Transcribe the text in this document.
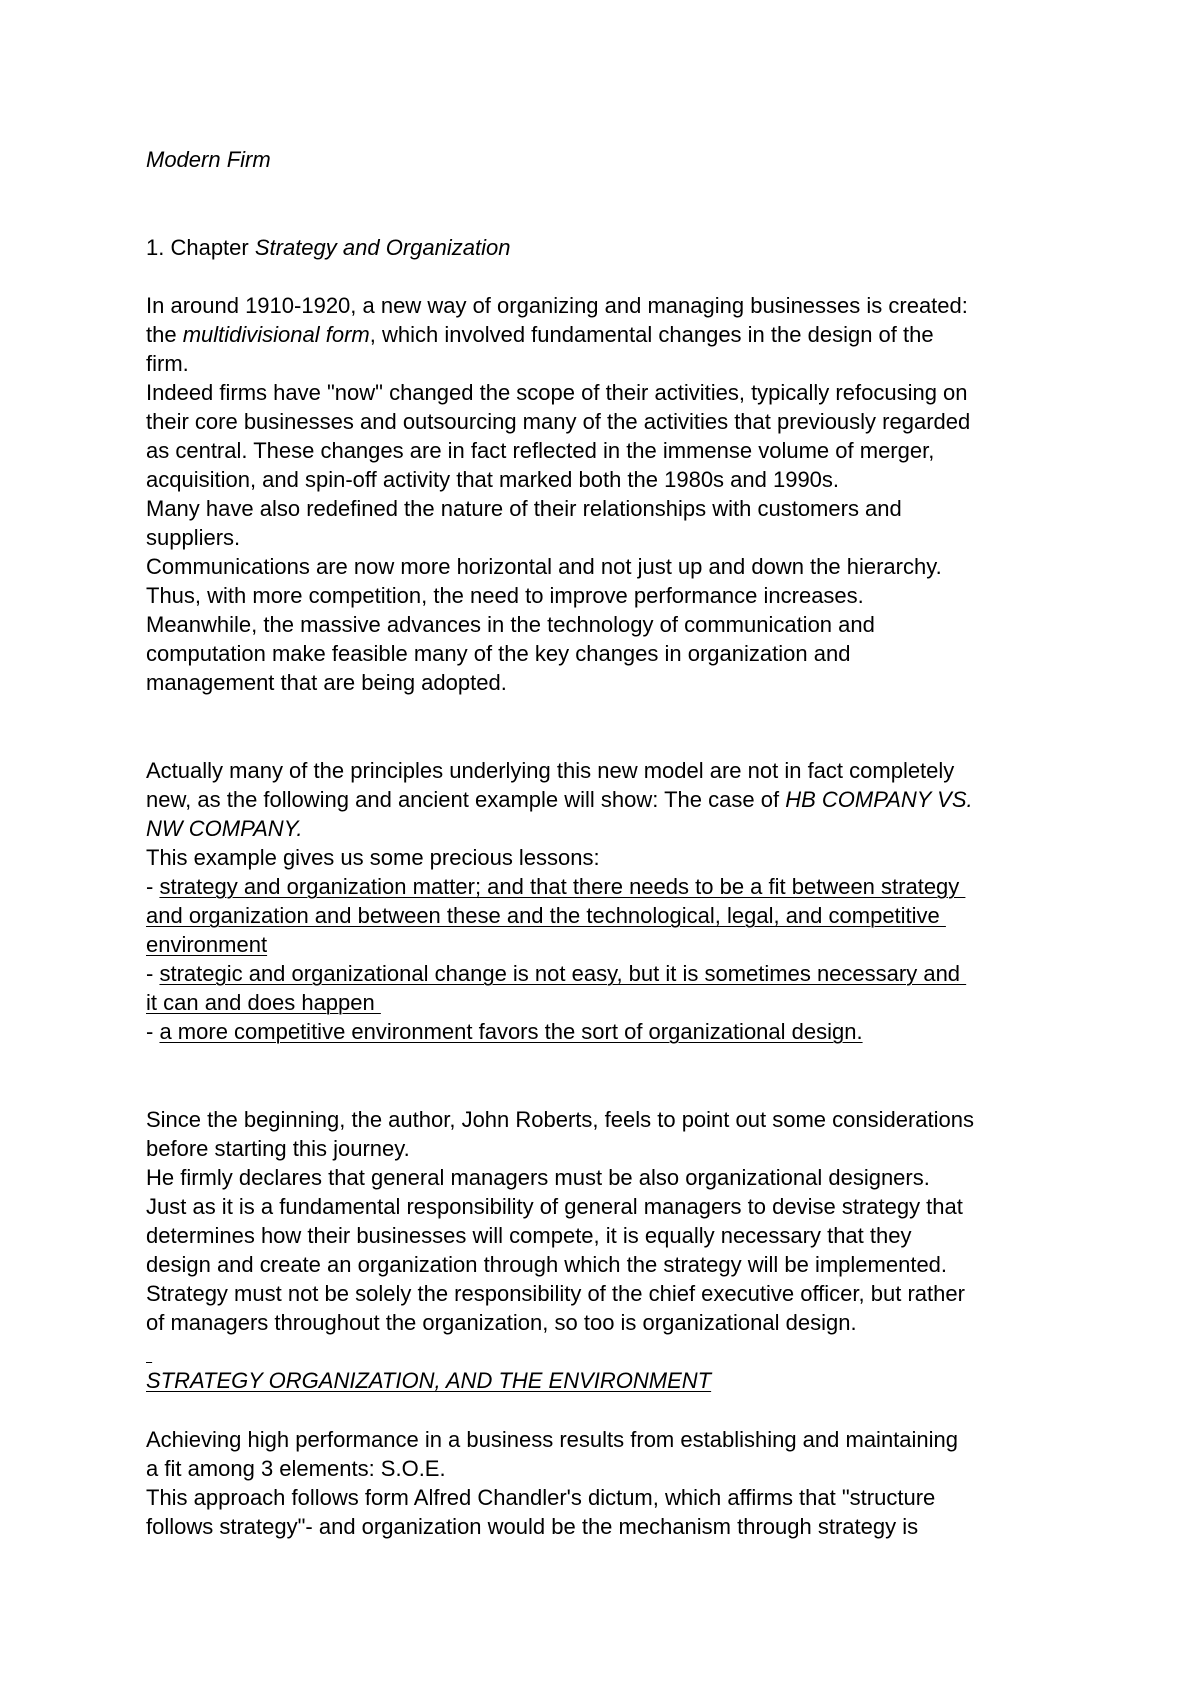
Modern Firm
1. Chapter Strategy and Organization
In around 1910-1920, a new way of organizing and managing businesses is created:
the multidivisional form, which involved fundamental changes in the design of the
firm.
Indeed firms have "now" changed the scope of their activities, typically refocusing on
their core businesses and outsourcing many of the activities that previously regarded
as central. These changes are in fact reflected in the immense volume of merger,
acquisition, and spin-off activity that marked both the 1980s and 1990s.
Many have also redefined the nature of their relationships with customers and
suppliers.
Communications are now more horizontal and not just up and down the hierarchy.
Thus, with more competition, the need to improve performance increases.
Meanwhile, the massive advances in the technology of communication and
computation make feasible many of the key changes in organization and
management that are being adopted.
Actually many of the principles underlying this new model are not in fact completely
new, as the following and ancient example will show: The case of HB COMPANY VS.
NW COMPANY.
This example gives us some precious lessons:
- strategy and organization matter; and that there needs to be a fit between strategy
and organization and between these and the technological, legal, and competitive
environment
- strategic and organizational change is not easy, but it is sometimes necessary and
it can and does happen
- a more competitive environment favors the sort of organizational design.
Since the beginning, the author, John Roberts, feels to point out some considerations
before starting this journey.
He firmly declares that general managers must be also organizational designers.
Just as it is a fundamental responsibility of general managers to devise strategy that
determines how their businesses will compete, it is equally necessary that they
design and create an organization through which the strategy will be implemented.
Strategy must not be solely the responsibility of the chief executive officer, but rather
of managers throughout the organization, so too is organizational design.

STRATEGY ORGANIZATION, AND THE ENVIRONMENT
Achieving high performance in a business results from establishing and maintaining
a fit among 3 elements: S.O.E.
This approach follows form Alfred Chandler's dictum, which affirms that "structure
follows strategy"- and organization would be the mechanism through strategy is
